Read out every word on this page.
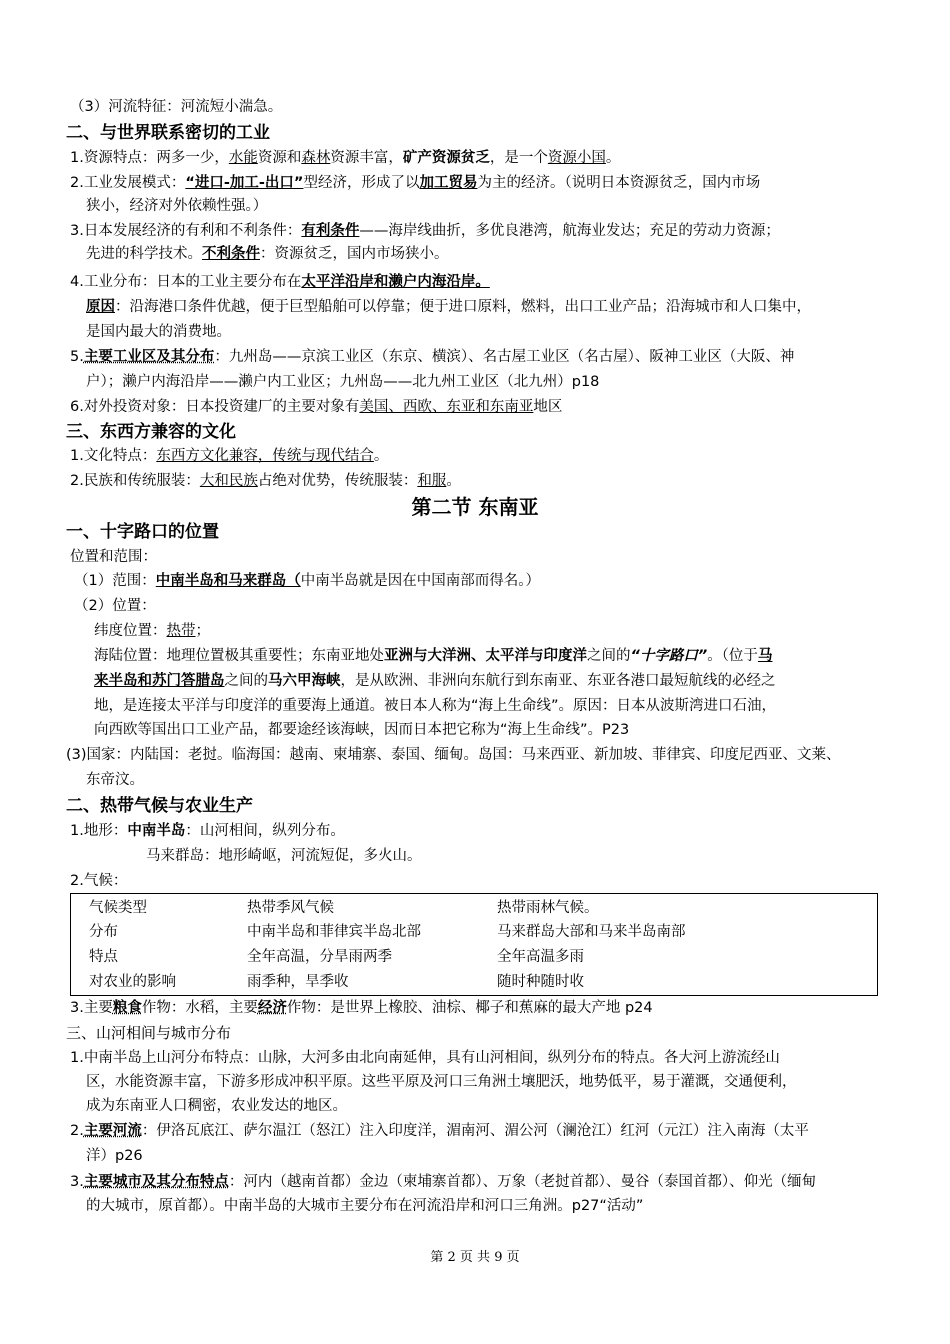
（3）河流特征：河流短小湍急。
二、与世界联系密切的工业
1.资源特点：两多一少，水能资源和森林资源丰富，矿产资源贫乏，是一个资源小国。
2.工业发展模式：“进口-加工-出口”型经济，形成了以加工贸易为主的经济。（说明日本资源贫乏，国内市场
狭小，经济对外依赖性强。）
3.日本发展经济的有利和不利条件：有利条件——海岸线曲折，多优良港湾，航海业发达；充足的劳动力资源；
先进的科学技术。不利条件：资源贫乏，国内市场狭小。
4.工业分布：日本的工业主要分布在太平洋沿岸和濑户内海沿岸。
原因：沿海港口条件优越，便于巨型船舶可以停靠；便于进口原料，燃料，出口工业产品；沿海城市和人口集中，
是国内最大的消费地。
5.主要工业区及其分布：九州岛——京滨工业区（东京、横滨）、名古屋工业区（名古屋）、阪神工业区（大阪、神
户）；濑户内海沿岸——濑户内工业区；九州岛——北九州工业区（北九州）p18
6.对外投资对象：日本投资建厂的主要对象有美国、西欧、东亚和东南亚地区
三、东西方兼容的文化
1.文化特点：东西方文化兼容，传统与现代结合。
2.民族和传统服装：大和民族占绝对优势，传统服装：和服。
第二节 东南亚
一、十字路口的位置
位置和范围：
（1）范围：中南半岛和马来群岛（中南半岛就是因在中国南部而得名。）
（2）位置：
纬度位置：热带；
海陆位置：地理位置极其重要性；东南亚地处亚洲与大洋洲、太平洋与印度洋之间的“十字路口”。（位于马
来半岛和苏门答腊岛之间的马六甲海峡，是从欧洲、非洲向东航行到东南亚、东亚各港口最短航线的必经之
地，是连接太平洋与印度洋的重要海上通道。被日本人称为“海上生命线”。原因：日本从波斯湾进口石油，
向西欧等国出口工业产品，都要途经该海峡，因而日本把它称为“海上生命线”。P23
(3)国家：内陆国：老挝。临海国：越南、柬埔寨、泰国、缅甸。岛国：马来西亚、新加坡、菲律宾、印度尼西亚、文莱、
东帝汶。
二、热带气候与农业生产
1.地形：中南半岛：山河相间，纵列分布。
马来群岛：地形崎岖，河流短促，多火山。
2.气候：
气候类型	热带季风气候	热带雨林气候。
分布	中南半岛和菲律宾半岛北部	马来群岛大部和马来半岛南部
特点	全年高温，分旱雨两季	全年高温多雨
对农业的影响	雨季种，旱季收	随时种随时收
3.主要粮食作物：水稻，主要经济作物：是世界上橡胶、油棕、椰子和蕉麻的最大产地 p24
三、山河相间与城市分布
1.中南半岛上山河分布特点：山脉，大河多由北向南延伸，具有山河相间，纵列分布的特点。各大河上游流经山
区，水能资源丰富，下游多形成冲积平原。这些平原及河口三角洲土壤肥沃，地势低平，易于灌溉，交通便利，
成为东南亚人口稠密，农业发达的地区。
2.主要河流：伊洛瓦底江、萨尔温江（怒江）注入印度洋，湄南河、湄公河（澜沧江）红河（元江）注入南海（太平
洋）p26
3.主要城市及其分布特点：河内（越南首都）金边（柬埔寨首都）、万象（老挝首都）、曼谷（泰国首都）、仰光（缅甸
的大城市，原首都）。中南半岛的大城市主要分布在河流沿岸和河口三角洲。p27“活动”
第 2 页 共 9 页
